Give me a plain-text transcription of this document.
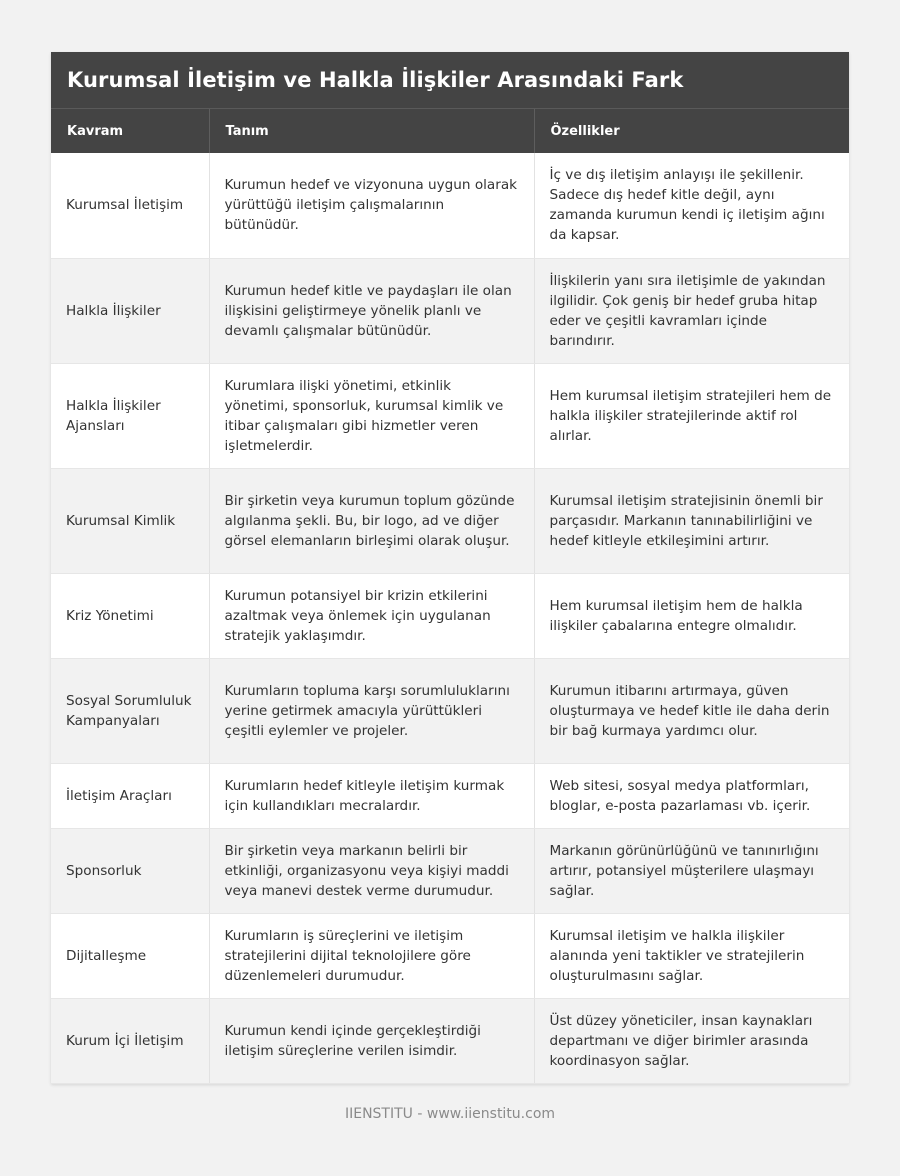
Kurumsal İletişim ve Halkla İlişkiler Arasındaki Fark
Kavram	Tanım	Özellikler
Kurumsal İletişim	Kurumun hedef ve vizyonuna uygun olarak yürüttüğü iletişim çalışmalarının bütünüdür.	İç ve dış iletişim anlayışı ile şekillenir. Sadece dış hedef kitle değil, aynı zamanda kurumun kendi iç iletişim ağını da kapsar.
Halkla İlişkiler	Kurumun hedef kitle ve paydaşları ile olan ilişkisini geliştirmeye yönelik planlı ve devamlı çalışmalar bütünüdür.	İlişkilerin yanı sıra iletişimle de yakından ilgilidir. Çok geniş bir hedef gruba hitap eder ve çeşitli kavramları içinde barındırır.
Halkla İlişkiler Ajansları	Kurumlara ilişki yönetimi, etkinlik yönetimi, sponsorluk, kurumsal kimlik ve itibar çalışmaları gibi hizmetler veren işletmelerdir.	Hem kurumsal iletişim stratejileri hem de halkla ilişkiler stratejilerinde aktif rol alırlar.
Kurumsal Kimlik	Bir şirketin veya kurumun toplum gözünde algılanma şekli. Bu, bir logo, ad ve diğer görsel elemanların birleşimi olarak oluşur.	Kurumsal iletişim stratejisinin önemli bir parçasıdır. Markanın tanınabilirliğini ve hedef kitleyle etkileşimini artırır.
Kriz Yönetimi	Kurumun potansiyel bir krizin etkilerini azaltmak veya önlemek için uygulanan stratejik yaklaşımdır.	Hem kurumsal iletişim hem de halkla ilişkiler çabalarına entegre olmalıdır.
Sosyal Sorumluluk Kampanyaları	Kurumların topluma karşı sorumluluklarını yerine getirmek amacıyla yürüttükleri çeşitli eylemler ve projeler.	Kurumun itibarını artırmaya, güven oluşturmaya ve hedef kitle ile daha derin bir bağ kurmaya yardımcı olur.
İletişim Araçları	Kurumların hedef kitleyle iletişim kurmak için kullandıkları mecralardır.	Web sitesi, sosyal medya platformları, bloglar, e-posta pazarlaması vb. içerir.
Sponsorluk	Bir şirketin veya markanın belirli bir etkinliği, organizasyonu veya kişiyi maddi veya manevi destek verme durumudur.	Markanın görünürlüğünü ve tanınırlığını artırır, potansiyel müşterilere ulaşmayı sağlar.
Dijitalleşme	Kurumların iş süreçlerini ve iletişim stratejilerini dijital teknolojilere göre düzenlemeleri durumudur.	Kurumsal iletişim ve halkla ilişkiler alanında yeni taktikler ve stratejilerin oluşturulmasını sağlar.
Kurum İçi İletişim	Kurumun kendi içinde gerçekleştirdiği iletişim süreçlerine verilen isimdir.	Üst düzey yöneticiler, insan kaynakları departmanı ve diğer birimler arasında koordinasyon sağlar.
IIENSTITU - www.iienstitu.com
